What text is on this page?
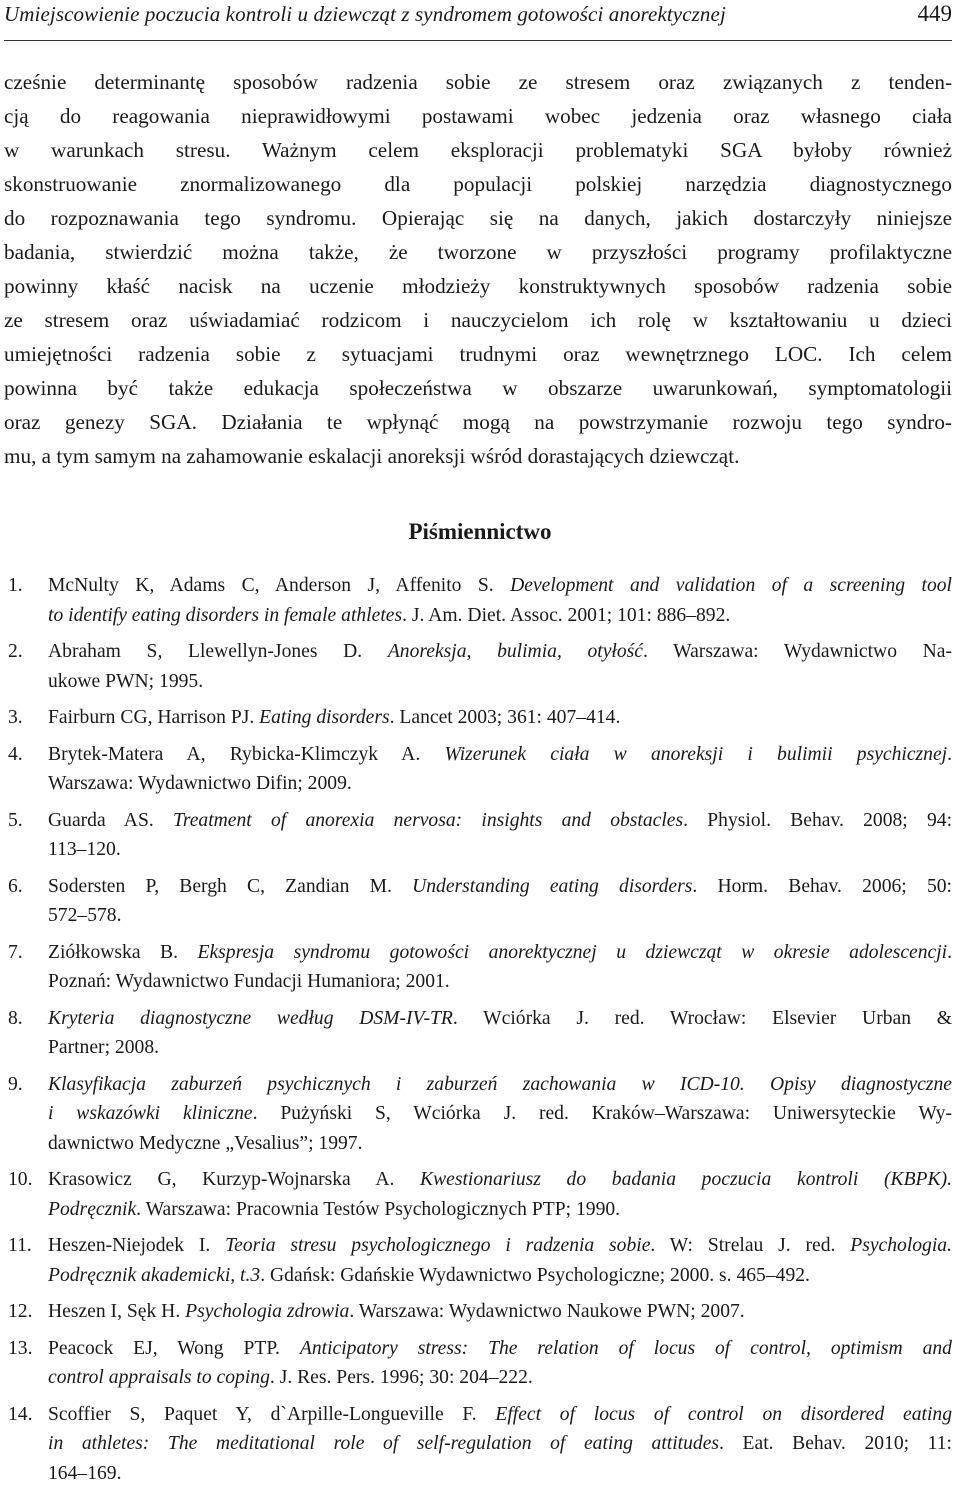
Umiejscowienie poczucia kontroli u dziewcząt z syndromem gotowości anorektycznej	449
cześnie determinantę sposobów radzenia sobie ze stresem oraz związanych z tenden-
cją do reagowania nieprawidłowymi postawami wobec jedzenia oraz własnego ciała
w warunkach stresu. Ważnym celem eksploracji problematyki SGA byłoby również
skonstruowanie znormalizowanego dla populacji polskiej narzędzia diagnostycznego
do rozpoznawania tego syndromu. Opierając się na danych, jakich dostarczyły niniejsze
badania, stwierdzić można także, że tworzone w przyszłości programy profilaktyczne
powinny kłaść nacisk na uczenie młodzieży konstruktywnych sposobów radzenia sobie
ze stresem oraz uświadamiać rodzicom i nauczycielom ich rolę w kształtowaniu u dzieci
umiejętności radzenia sobie z sytuacjami trudnymi oraz wewnętrznego LOC. Ich celem
powinna być także edukacja społeczeństwa w obszarze uwarunkowań, symptomatologii
oraz genezy SGA. Działania te wpłynąć mogą na powstrzymanie rozwoju tego syndro-
mu, a tym samym na zahamowanie eskalacji anoreksji wśród dorastających dziewcząt.
Piśmiennictwo
1.	McNulty K, Adams C, Anderson J, Affenito S. Development and validation of a screening tool
to identify eating disorders in female athletes. J. Am. Diet. Assoc. 2001; 101: 886–892.
2.	Abraham S, Llewellyn-Jones D. Anoreksja, bulimia, otyłość. Warszawa: Wydawnictwo Na-
ukowe PWN; 1995.
3.	Fairburn CG, Harrison PJ. Eating disorders. Lancet 2003; 361: 407–414.
4.	Brytek-Matera A, Rybicka-Klimczyk A. Wizerunek ciała w anoreksji i bulimii psychicznej.
Warszawa: Wydawnictwo Difin; 2009.
5.	Guarda AS. Treatment of anorexia nervosa: insights and obstacles. Physiol. Behav. 2008; 94:
113–120.
6.	Sodersten P, Bergh C, Zandian M. Understanding eating disorders. Horm. Behav. 2006; 50:
572–578.
7.	Ziółkowska B. Ekspresja syndromu gotowości anorektycznej u dziewcząt w okresie adolescencji.
Poznań: Wydawnictwo Fundacji Humaniora; 2001.
8.	Kryteria diagnostyczne według DSM-IV-TR. Wciórka J. red. Wrocław: Elsevier Urban &
Partner; 2008.
9.	Klasyfikacja zaburzeń psychicznych i zaburzeń zachowania w ICD-10. Opisy diagnostyczne
i wskazówki kliniczne. Pużyński S, Wciórka J. red. Kraków–Warszawa: Uniwersyteckie Wy-
dawnictwo Medyczne „Vesalius”; 1997.
10. Krasowicz G, Kurzyp-Wojnarska A. Kwestionariusz do badania poczucia kontroli (KBPK).
Podręcznik. Warszawa: Pracownia Testów Psychologicznych PTP; 1990.
11. Heszen-Niejodek I. Teoria stresu psychologicznego i radzenia sobie. W: Strelau J. red. Psychologia.
Podręcznik akademicki, t.3. Gdańsk: Gdańskie Wydawnictwo Psychologiczne; 2000. s. 465–492.
12. Heszen I, Sęk H. Psychologia zdrowia. Warszawa: Wydawnictwo Naukowe PWN; 2007.
13. Peacock EJ, Wong PTP. Anticipatory stress: The relation of locus of control, optimism and
control appraisals to coping. J. Res. Pers. 1996; 30: 204–222.
14. Scoffier S, Paquet Y, d`Arpille-Longueville F. Effect of locus of control on disordered eating
in athletes: The meditational role of self-regulation of eating attitudes. Eat. Behav. 2010; 11:
164–169.
